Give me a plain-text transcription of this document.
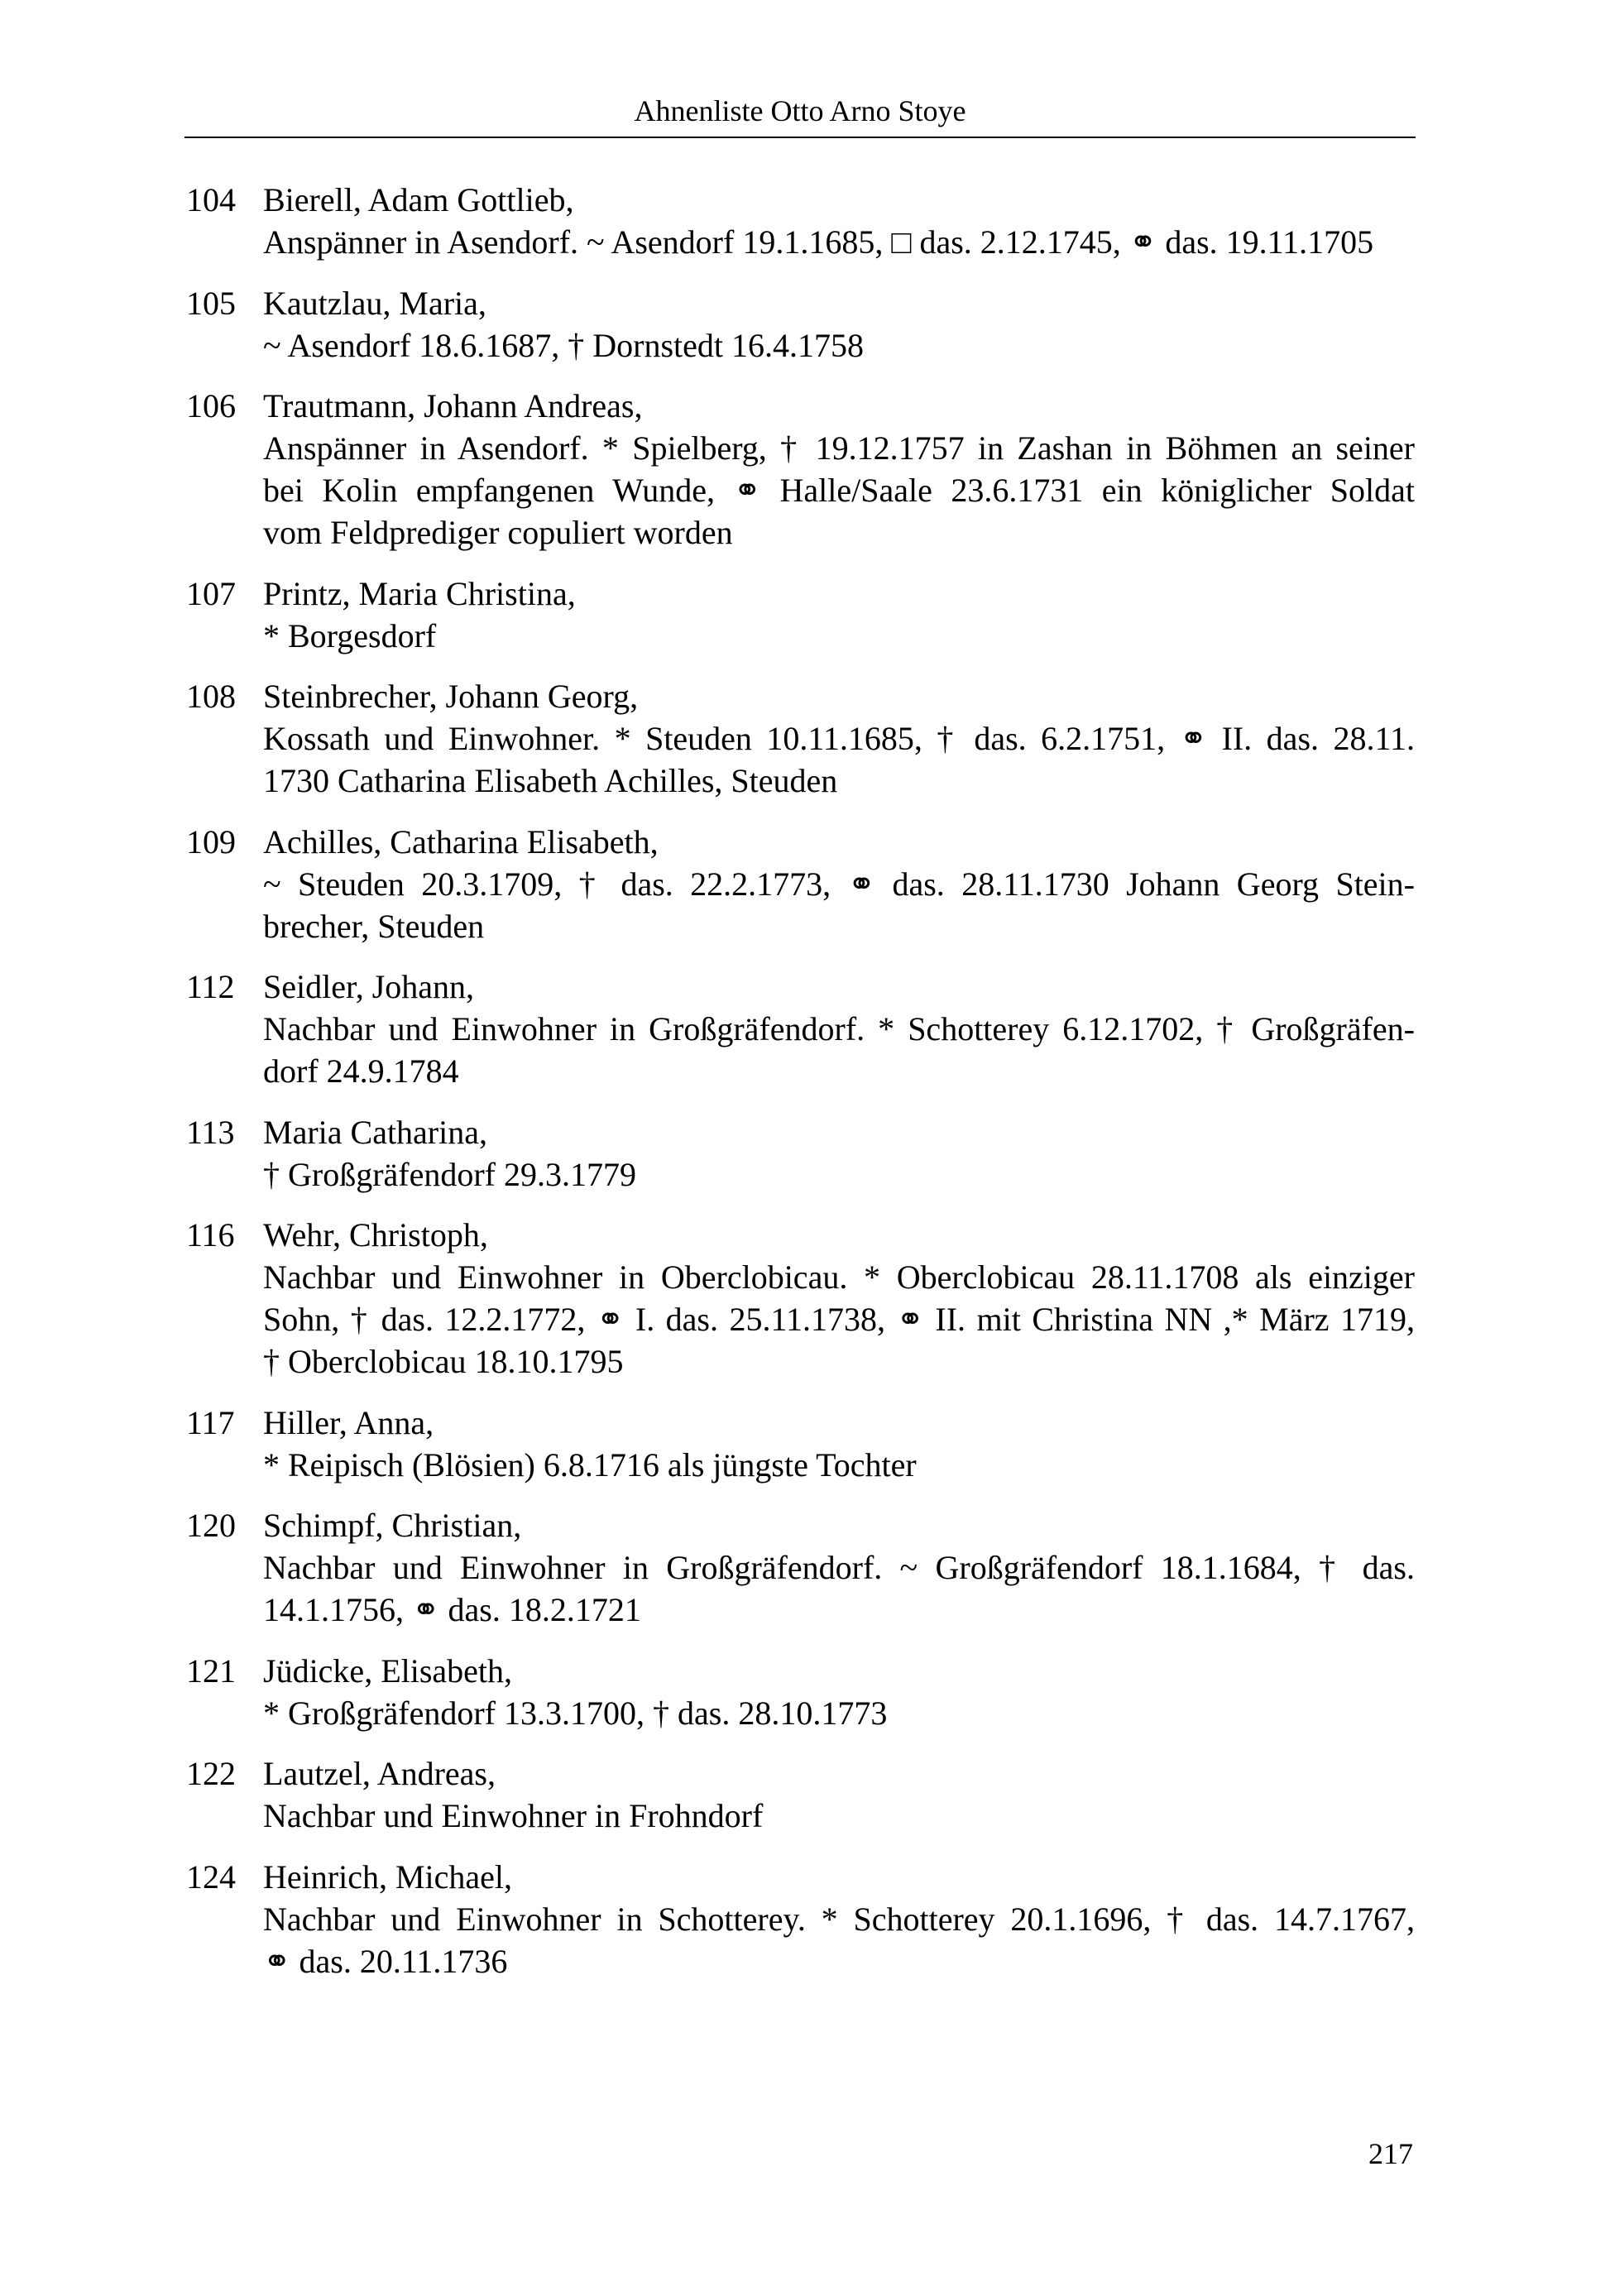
Ahnenliste Otto Arno Stoye
104 Bierell, Adam Gottlieb,
Anspänner in Asendorf. ~ Asendorf 19.1.1685, □ das. 2.12.1745, ⚭ das. 19.11.1705
105 Kautzlau, Maria,
~ Asendorf 18.6.1687, † Dornstedt 16.4.1758
106 Trautmann, Johann Andreas,
Anspänner in Asendorf. * Spielberg, † 19.12.1757 in Zashan in Böhmen an seiner
bei Kolin empfangenen Wunde, ⚭ Halle/Saale 23.6.1731 ein königlicher Soldat
vom Feldprediger copuliert worden
107 Printz, Maria Christina,
* Borgesdorf
108 Steinbrecher, Johann Georg,
Kossath und Einwohner. * Steuden 10.11.1685, † das. 6.2.1751, ⚭ II. das. 28.11.
1730 Catharina Elisabeth Achilles, Steuden
109 Achilles, Catharina Elisabeth,
~ Steuden 20.3.1709, † das. 22.2.1773, ⚭ das. 28.11.1730 Johann Georg Stein-
brecher, Steuden
112 Seidler, Johann,
Nachbar und Einwohner in Großgräfendorf. * Schotterey 6.12.1702, † Großgräfen-
dorf 24.9.1784
113 Maria Catharina,
† Großgräfendorf 29.3.1779
116 Wehr, Christoph,
Nachbar und Einwohner in Oberclobicau. * Oberclobicau 28.11.1708 als einziger
Sohn, † das. 12.2.1772, ⚭ I. das. 25.11.1738, ⚭ II. mit Christina NN ,* März 1719,
† Oberclobicau 18.10.1795
117 Hiller, Anna,
* Reipisch (Blösien) 6.8.1716 als jüngste Tochter
120 Schimpf, Christian,
Nachbar und Einwohner in Großgräfendorf. ~ Großgräfendorf 18.1.1684, † das.
14.1.1756, ⚭ das. 18.2.1721
121 Jüdicke, Elisabeth,
* Großgräfendorf 13.3.1700, † das. 28.10.1773
122 Lautzel, Andreas,
Nachbar und Einwohner in Frohndorf
124 Heinrich, Michael,
Nachbar und Einwohner in Schotterey. * Schotterey 20.1.1696, † das. 14.7.1767,
⚭ das. 20.11.1736
217
